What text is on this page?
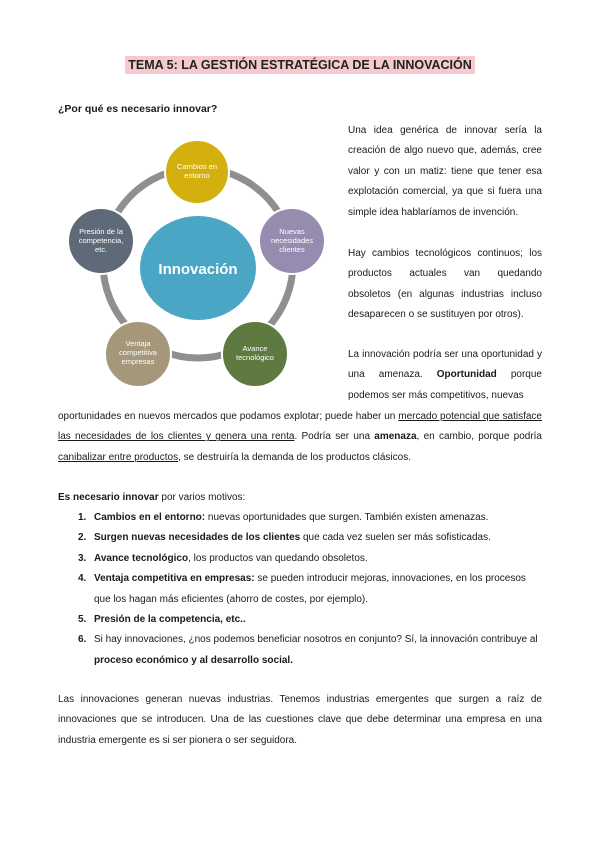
TEMA 5: LA GESTIÓN ESTRATÉGICA DE LA INNOVACIÓN
¿Por qué es necesario innovar?
Innovación
Cambios en
entorno
Nuevas
necesidades
clientes
Avance
tecnológico
Ventaja
competitiva
empresas
Presión de la
competencia,
etc.
Una idea genérica de innovar sería la creación de algo nuevo que, además, cree valor y con un matiz: tiene que tener esa explotación comercial, ya que si fuera una simple idea hablaríamos de invención.
Hay cambios tecnológicos continuos; los productos actuales van quedando obsoletos (en algunas industrias incluso desaparecen o se sustituyen por otros).
La innovación podría ser una oportunidad y una amenaza. Oportunidad porque podemos ser más competitivos, nuevas
oportunidades en nuevos mercados que podamos explotar; puede haber un mercado potencial que satisface las necesidades de los clientes y genera una renta. Podría ser una amenaza, en cambio, porque podría canibalizar entre productos, se destruiría la demanda de los productos clásicos.
Es necesario innovar por varios motivos:
1. Cambios en el entorno: nuevas oportunidades que surgen. También existen amenazas.
2. Surgen nuevas necesidades de los clientes que cada vez suelen ser más sofisticadas.
3. Avance tecnológico, los productos van quedando obsoletos.
4. Ventaja competitiva en empresas: se pueden introducir mejoras, innovaciones, en los procesos que los hagan más eficientes (ahorro de costes, por ejemplo).
5. Presión de la competencia, etc..
6. Si hay innovaciones, ¿nos podemos beneficiar nosotros en conjunto? Sí, la innovación contribuye al proceso económico y al desarrollo social.
Las innovaciones generan nuevas industrias. Tenemos industrias emergentes que surgen a raíz de innovaciones que se introducen. Una de las cuestiones clave que debe determinar una empresa en una industria emergente es si ser pionera o ser seguidora.
